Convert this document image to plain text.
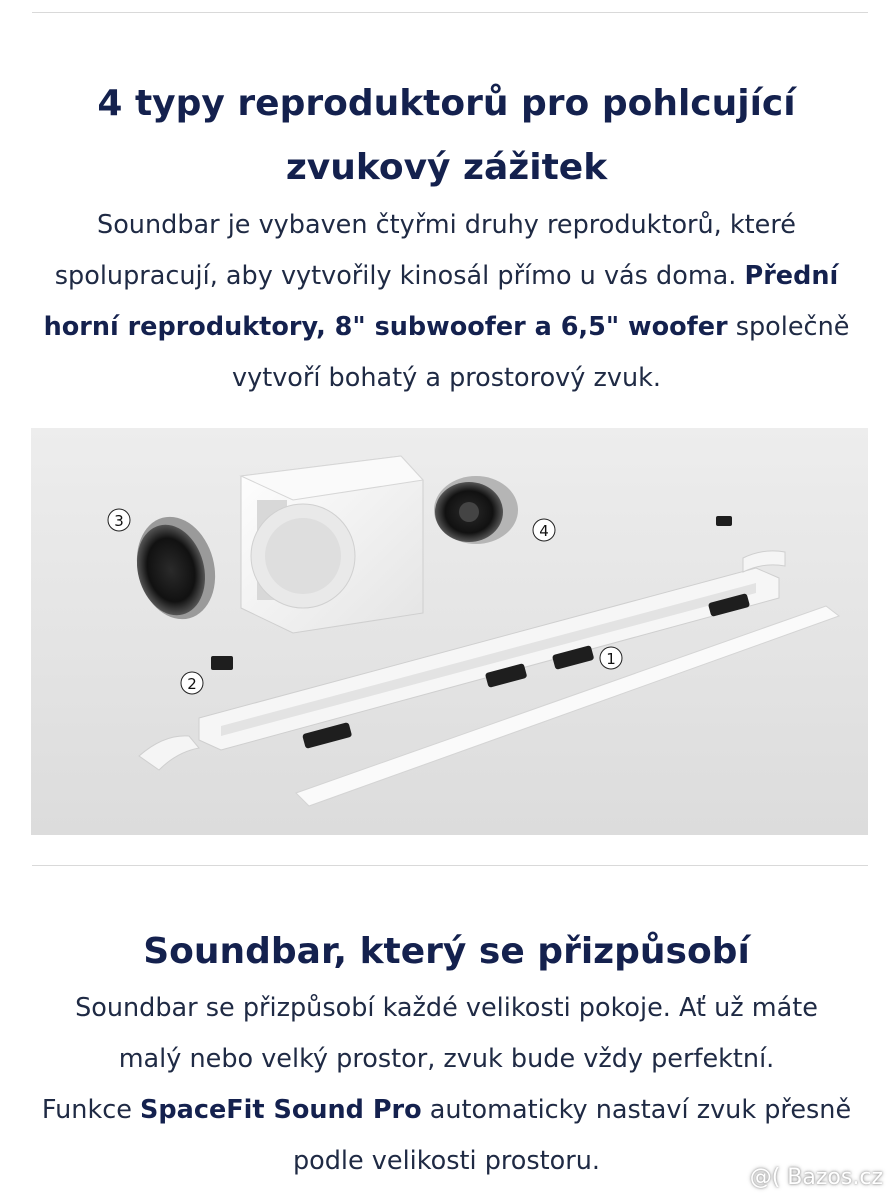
4 typy reproduktorů pro pohlcující
zvukový zážitek

Soundbar je vybaven čtyřmi druhy reproduktorů, které
spolupracují, aby vytvořily kinosál přímo u vás doma. Přední
horní reproduktory, 8" subwoofer a 6,5" woofer společně
vytvoří bohatý a prostorový zvuk.

1
2
3
4
Soundbar, který se přizpůsobí

Soundbar se přizpůsobí každé velikosti pokoje. Ať už máte
malý nebo velký prostor, zvuk bude vždy perfektní.
Funkce SpaceFit Sound Pro automaticky nastaví zvuk přesně
podle velikosti prostoru.

@( Bazos.cz
